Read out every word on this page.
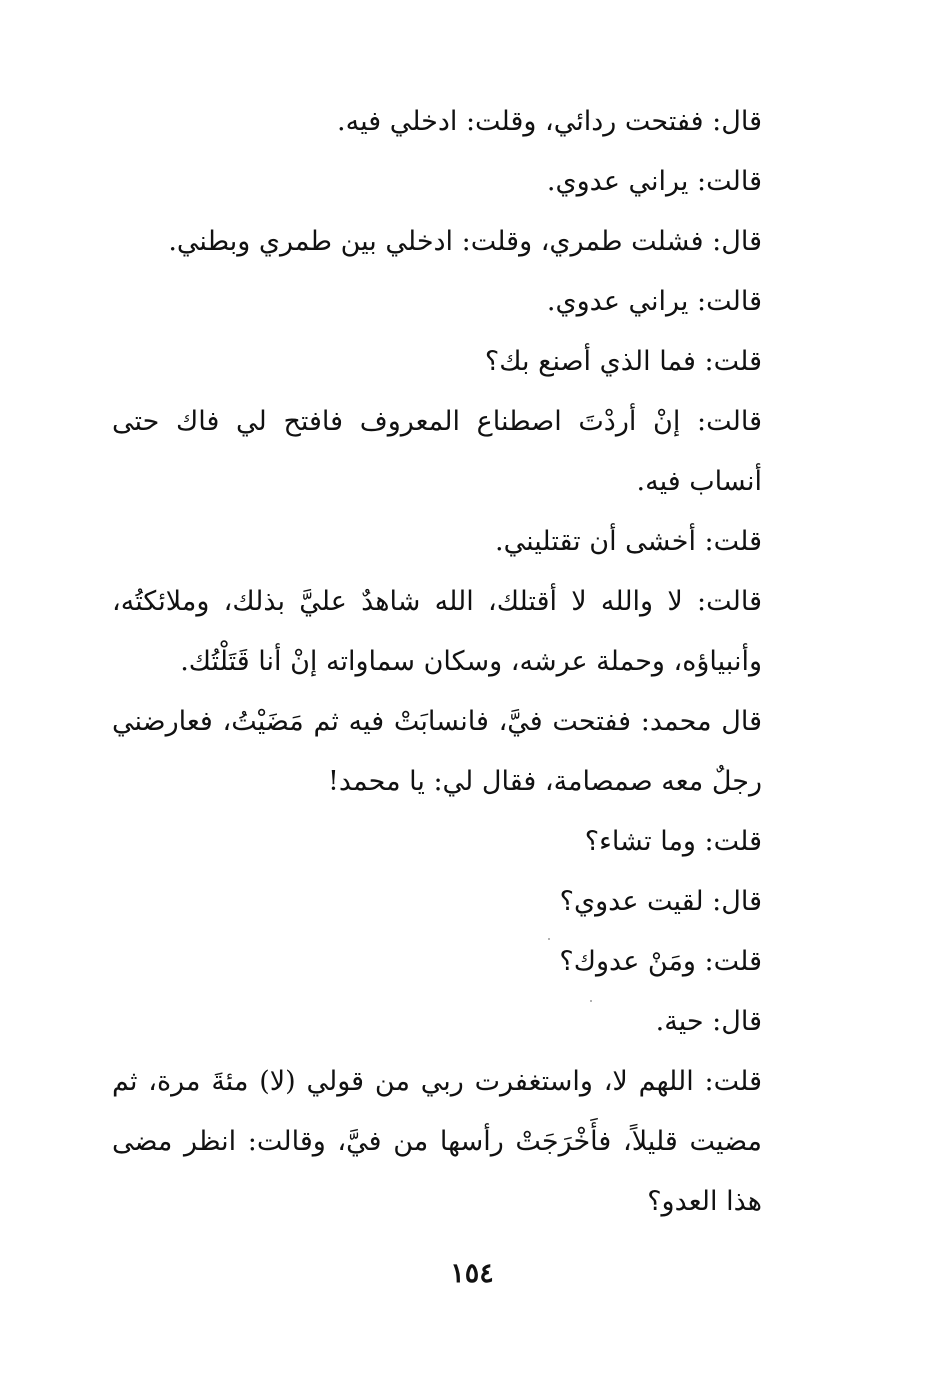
قال: ففتحت ردائي، وقلت: ادخلي فيه.

قالت: يراني عدوي.

قال: فشلت طمري، وقلت: ادخلي بين طمري وبطني.

قالت: يراني عدوي.

قلت: فما الذي أصنع بك؟

قالت: إنْ أردْتَ اصطناع المعروف فافتح لي فاك حتى أنساب فيه.

قلت: أخشى أن تقتليني.

قالت: لا والله لا أقتلك، الله شاهدٌ عليَّ بذلك، وملائكتُه، وأنبياؤه، وحملة عرشه، وسكان سماواته إنْ أنا قَتَلْتُك.

قال محمد: ففتحت فيَّ، فانسابَتْ فيه ثم مَضَيْتُ، فعارضني رجلٌ معه صمصامة، فقال لي: يا محمد!

قلت: وما تشاء؟

قال: لقيت عدوي؟

قلت: ومَنْ عدوك؟

قال: حية.

قلت: اللهم لا، واستغفرت ربي من قولي (لا) مئةَ مرة، ثم مضيت قليلاً، فأَخْرَجَتْ رأسها من فيَّ، وقالت: انظر مضى هذا العدو؟

١٥٤
